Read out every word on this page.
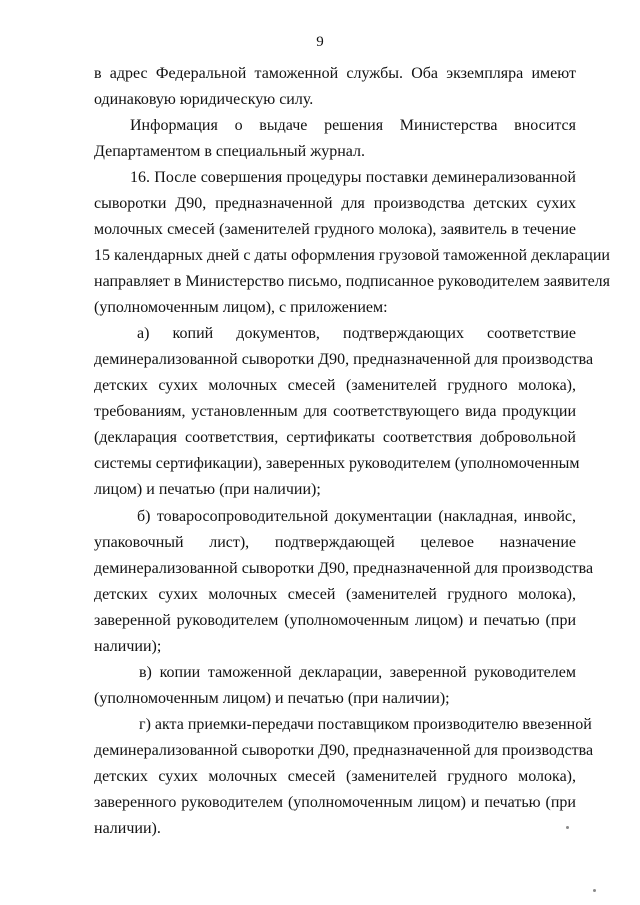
9
в адрес Федеральной таможенной службы. Оба экземпляра имеют
одинаковую юридическую силу.
Информация о выдаче решения Министерства вносится
Департаментом в специальный журнал.
16. После совершения процедуры поставки деминерализованной
сыворотки Д90, предназначенной для производства детских сухих
молочных смесей (заменителей грудного молока), заявитель в течение
15 календарных дней с даты оформления грузовой таможенной декларации
направляет в Министерство письмо, подписанное руководителем заявителя
(уполномоченным лицом), с приложением:
а) копий документов, подтверждающих соответствие
деминерализованной сыворотки Д90, предназначенной для производства
детских сухих молочных смесей (заменителей грудного молока),
требованиям, установленным для соответствующего вида продукции
(декларация соответствия, сертификаты соответствия добровольной
системы сертификации), заверенных руководителем (уполномоченным
лицом) и печатью (при наличии);
б) товаросопроводительной документации (накладная, инвойс,
упаковочный лист), подтверждающей целевое назначение
деминерализованной сыворотки Д90, предназначенной для производства
детских сухих молочных смесей (заменителей грудного молока),
заверенной руководителем (уполномоченным лицом) и печатью (при
наличии);
в) копии таможенной декларации, заверенной руководителем
(уполномоченным лицом) и печатью (при наличии);
г) акта приемки-передачи поставщиком производителю ввезенной
деминерализованной сыворотки Д90, предназначенной для производства
детских сухих молочных смесей (заменителей грудного молока),
заверенного руководителем (уполномоченным лицом) и печатью (при
наличии).
